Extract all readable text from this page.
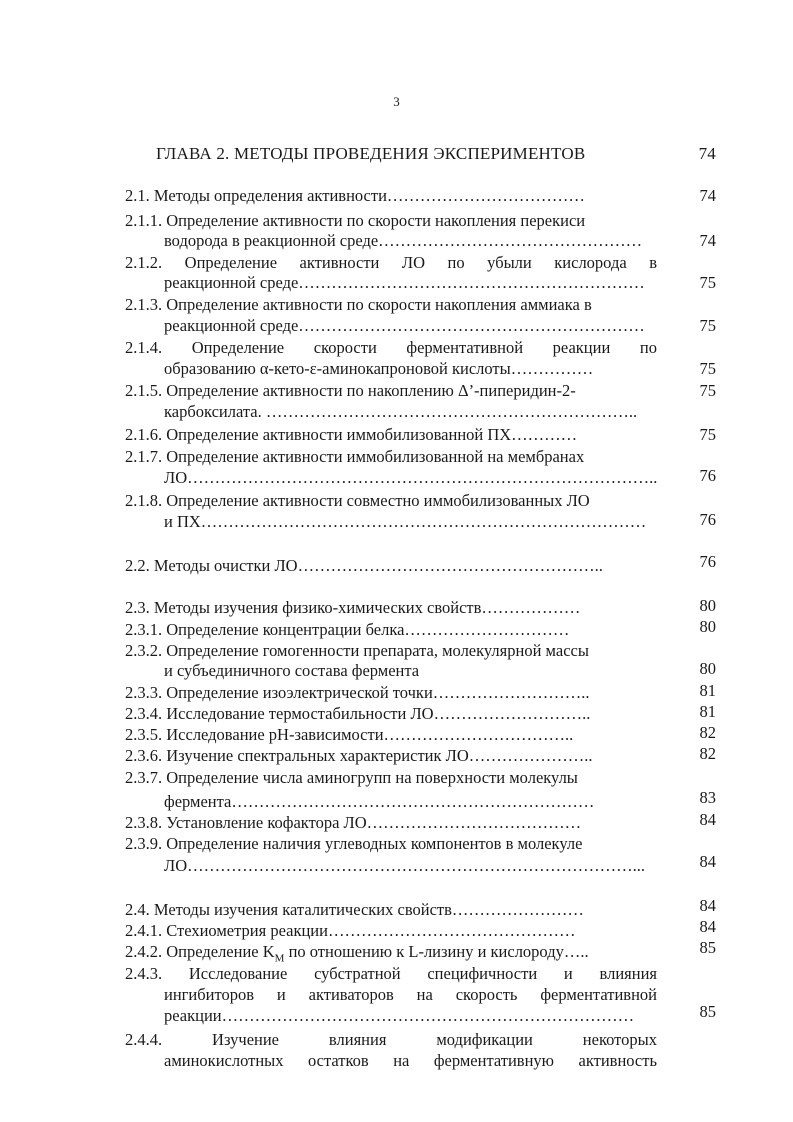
3
ГЛАВА 2. МЕТОДЫ ПРОВЕДЕНИЯ ЭКСПЕРИМЕНТОВ	74
2.1. Методы определения активности………………………………	74
2.1.1. Определение активности по скорости накопления перекиси
водорода в реакционной среде…………………………………………	74
2.1.2. Определение активности ЛО по убыли кислорода в
реакционной среде………………………………………………………	75
2.1.3. Определение активности по скорости накопления аммиака в
реакционной среде………………………………………………………	75
2.1.4. Определение скорости ферментативной реакции по
образованию α-кето-ε-аминокапроновой кислоты……………	75
2.1.5. Определение активности по накоплению Δ’-пиперидин-2-	75
карбоксилата. …………………………………………………………..
2.1.6. Определение активности иммобилизованной ПХ…………	75
2.1.7. Определение активности иммобилизованной на мембранах
ЛО…………………………………………………………………………..	76
2.1.8. Определение активности совместно иммобилизованных ЛО
и ПХ………………………………………………………………………	76
2.2. Методы очистки ЛО………………………………………………..	76
2.3. Методы изучения физико-химических свойств………………	80
2.3.1. Определение концентрации белка…………………………	80
2.3.2. Определение гомогенности препарата, молекулярной массы
и субъединичного состава фермента	80
2.3.3. Определение изоэлектрической точки………………………..	81
2.3.4. Исследование термостабильности ЛО………………………..	81
2.3.5. Исследование pH-зависимости……………………………..	82
2.3.6. Изучение спектральных характеристик ЛО…………………..	82
2.3.7. Определение числа аминогрупп на поверхности молекулы
фермента…………………………………………………………	83
2.3.8. Установление кофактора ЛО…………………………………	84
2.3.9. Определение наличия углеводных компонентов в молекуле
ЛО………………………………………………………………………...	84
2.4. Методы изучения каталитических свойств……………………	84
2.4.1. Стехиометрия реакции………………………………………	84
2.4.2. Определение $K_M$ по отношению к L-лизину и кислороду…..	85
2.4.3. Исследование субстратной специфичности и влияния
ингибиторов и активаторов на скорость ферментативной
реакции…………………………………………………………………	85
2.4.4. Изучение влияния модификации некоторых
аминокислотных остатков на ферментативную активность
